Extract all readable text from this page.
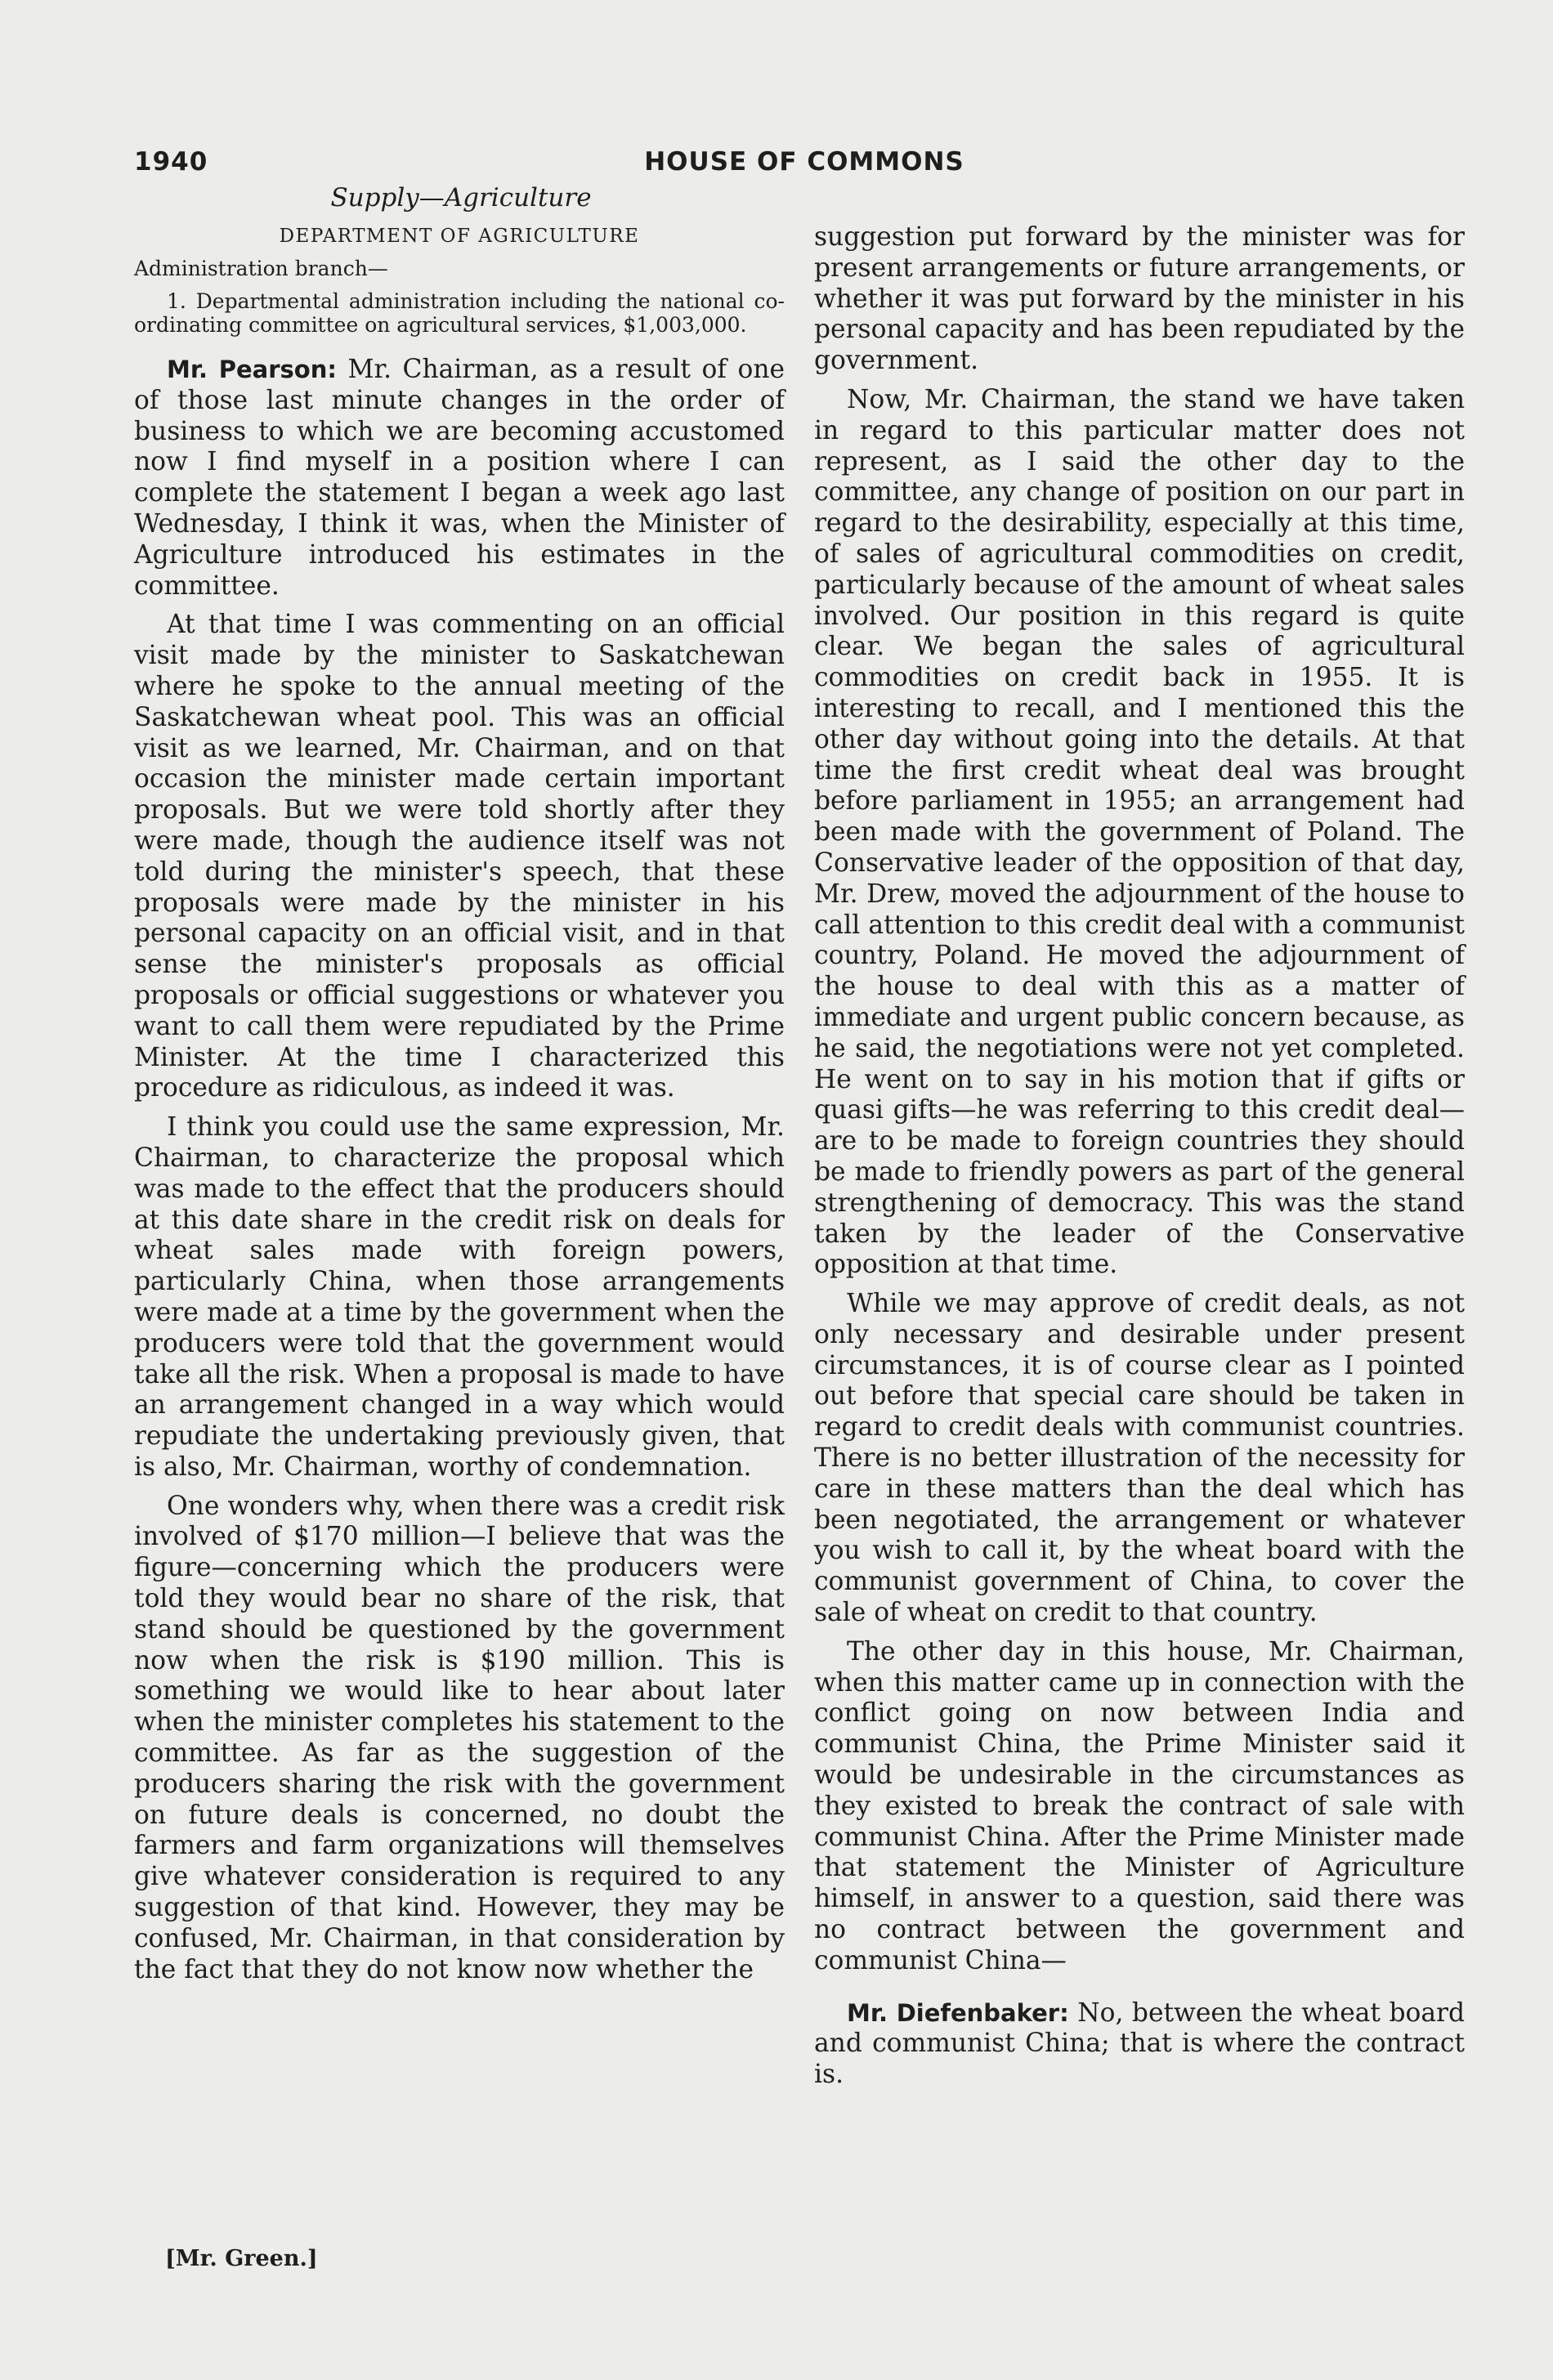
1940	HOUSE OF COMMONS
Supply—Agriculture
DEPARTMENT OF AGRICULTURE
Administration branch—
1. Departmental administration including the national co-ordinating committee on agricultural services, $1,003,000.

Mr. Pearson: Mr. Chairman, as a result of one of those last minute changes in the order of business to which we are becoming accustomed now I find myself in a position where I can complete the statement I began a week ago last Wednesday, I think it was, when the Minister of Agriculture introduced his estimates in the committee.

At that time I was commenting on an official visit made by the minister to Saskatchewan where he spoke to the annual meeting of the Saskatchewan wheat pool. This was an official visit as we learned, Mr. Chairman, and on that occasion the minister made certain important proposals. But we were told shortly after they were made, though the audience itself was not told during the minister's speech, that these proposals were made by the minister in his personal capacity on an official visit, and in that sense the minister's proposals as official proposals or official suggestions or whatever you want to call them were repudiated by the Prime Minister. At the time I characterized this procedure as ridiculous, as indeed it was.

I think you could use the same expression, Mr. Chairman, to characterize the proposal which was made to the effect that the producers should at this date share in the credit risk on deals for wheat sales made with foreign powers, particularly China, when those arrangements were made at a time by the government when the producers were told that the government would take all the risk. When a proposal is made to have an arrangement changed in a way which would repudiate the undertaking previously given, that is also, Mr. Chairman, worthy of condemnation.

One wonders why, when there was a credit risk involved of $170 million—I believe that was the figure—concerning which the producers were told they would bear no share of the risk, that stand should be questioned by the government now when the risk is $190 million. This is something we would like to hear about later when the minister completes his statement to the committee. As far as the suggestion of the producers sharing the risk with the government on future deals is concerned, no doubt the farmers and farm organizations will themselves give whatever consideration is required to any suggestion of that kind. However, they may be confused, Mr. Chairman, in that consideration by the fact that they do not know now whether the

suggestion put forward by the minister was for present arrangements or future arrangements, or whether it was put forward by the minister in his personal capacity and has been repudiated by the government.

Now, Mr. Chairman, the stand we have taken in regard to this particular matter does not represent, as I said the other day to the committee, any change of position on our part in regard to the desirability, especially at this time, of sales of agricultural commodities on credit, particularly because of the amount of wheat sales involved. Our position in this regard is quite clear. We began the sales of agricultural commodities on credit back in 1955. It is interesting to recall, and I mentioned this the other day without going into the details. At that time the first credit wheat deal was brought before parliament in 1955; an arrangement had been made with the government of Poland. The Conservative leader of the opposition of that day, Mr. Drew, moved the adjournment of the house to call attention to this credit deal with a communist country, Poland. He moved the adjournment of the house to deal with this as a matter of immediate and urgent public concern because, as he said, the negotiations were not yet completed. He went on to say in his motion that if gifts or quasi gifts—he was referring to this credit deal—are to be made to foreign countries they should be made to friendly powers as part of the general strengthening of democracy. This was the stand taken by the leader of the Conservative opposition at that time.

While we may approve of credit deals, as not only necessary and desirable under present circumstances, it is of course clear as I pointed out before that special care should be taken in regard to credit deals with communist countries. There is no better illustration of the necessity for care in these matters than the deal which has been negotiated, the arrangement or whatever you wish to call it, by the wheat board with the communist government of China, to cover the sale of wheat on credit to that country.

The other day in this house, Mr. Chairman, when this matter came up in connection with the conflict going on now between India and communist China, the Prime Minister said it would be undesirable in the circumstances as they existed to break the contract of sale with communist China. After the Prime Minister made that statement the Minister of Agriculture himself, in answer to a question, said there was no contract between the government and communist China—

Mr. Diefenbaker: No, between the wheat board and communist China; that is where the contract is.

[Mr. Green.]
